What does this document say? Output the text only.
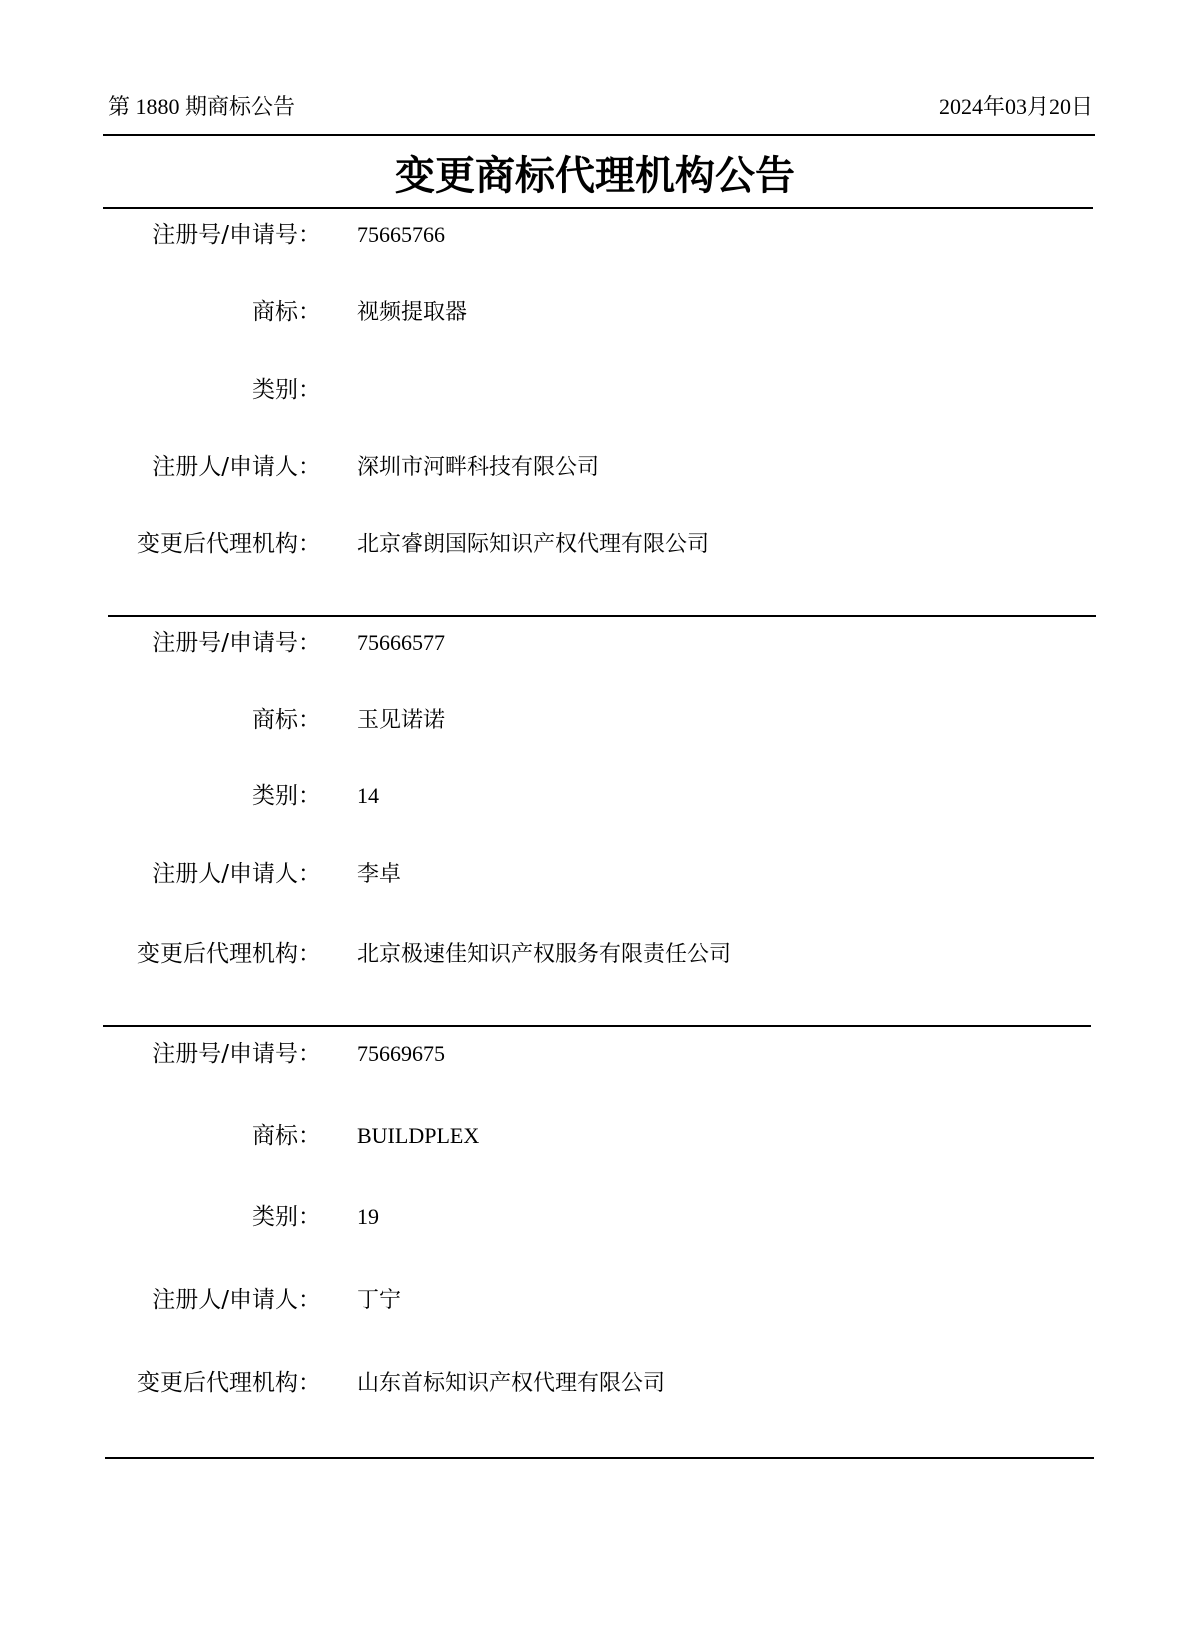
第 1880 期商标公告	2024年03月20日
变更商标代理机构公告
注册号/申请号： 75665766
商标： 视频提取器
类别：
注册人/申请人： 深圳市河畔科技有限公司
变更后代理机构： 北京睿朗国际知识产权代理有限公司
注册号/申请号： 75666577
商标： 玉见诺诺
类别： 14
注册人/申请人： 李卓
变更后代理机构： 北京极速佳知识产权服务有限责任公司
注册号/申请号： 75669675
商标： BUILDPLEX
类别： 19
注册人/申请人： 丁宁
变更后代理机构： 山东首标知识产权代理有限公司
